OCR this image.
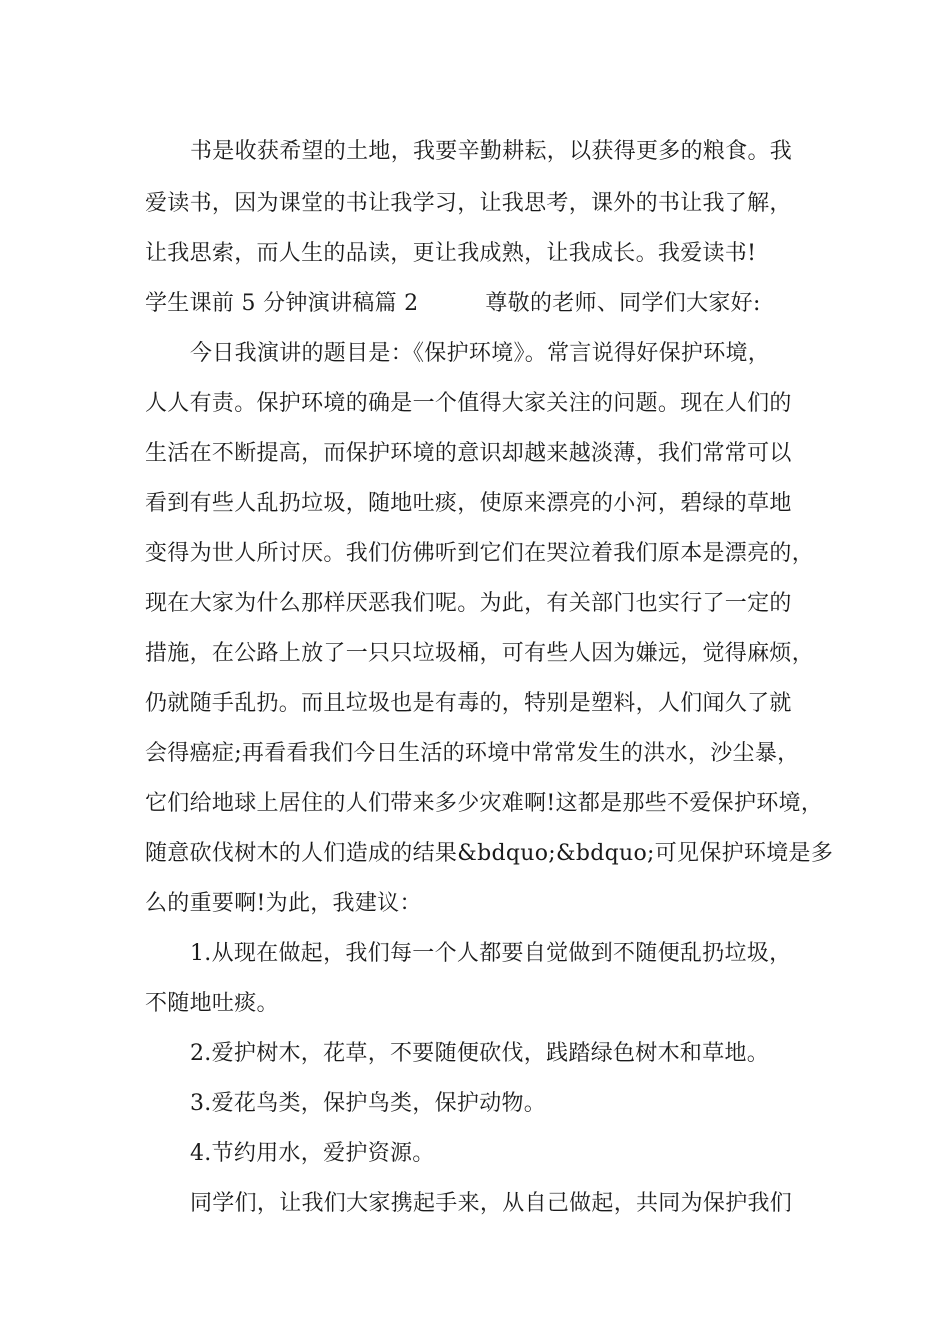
书是收获希望的土地，我要辛勤耕耘，以获得更多的粮食。我
爱读书，因为课堂的书让我学习，让我思考，课外的书让我了解，
让我思索，而人生的品读，更让我成熟，让我成长。我爱读书!
学生课前 5 分钟演讲稿篇 2　　　尊敬的老师、同学们大家好:
今日我演讲的题目是：《保护环境》。常言说得好保护环境，
人人有责。保护环境的确是一个值得大家关注的问题。现在人们的
生活在不断提高，而保护环境的意识却越来越淡薄，我们常常可以
看到有些人乱扔垃圾，随地吐痰，使原来漂亮的小河，碧绿的草地
变得为世人所讨厌。我们仿佛听到它们在哭泣着我们原本是漂亮的，
现在大家为什么那样厌恶我们呢。为此，有关部门也实行了一定的
措施，在公路上放了一只只垃圾桶，可有些人因为嫌远，觉得麻烦，
仍就随手乱扔。而且垃圾也是有毒的，特别是塑料，人们闻久了就
会得癌症;再看看我们今日生活的环境中常常发生的洪水，沙尘暴，
它们给地球上居住的人们带来多少灾难啊!这都是那些不爱保护环境，
随意砍伐树木的人们造成的结果&bdquo;&bdquo;可见保护环境是多
么的重要啊!为此，我建议：
1.从现在做起，我们每一个人都要自觉做到不随便乱扔垃圾，
不随地吐痰。
2.爱护树木，花草，不要随便砍伐，践踏绿色树木和草地。
3.爱花鸟类，保护鸟类，保护动物。
4.节约用水，爱护资源。
同学们，让我们大家携起手来，从自己做起，共同为保护我们
